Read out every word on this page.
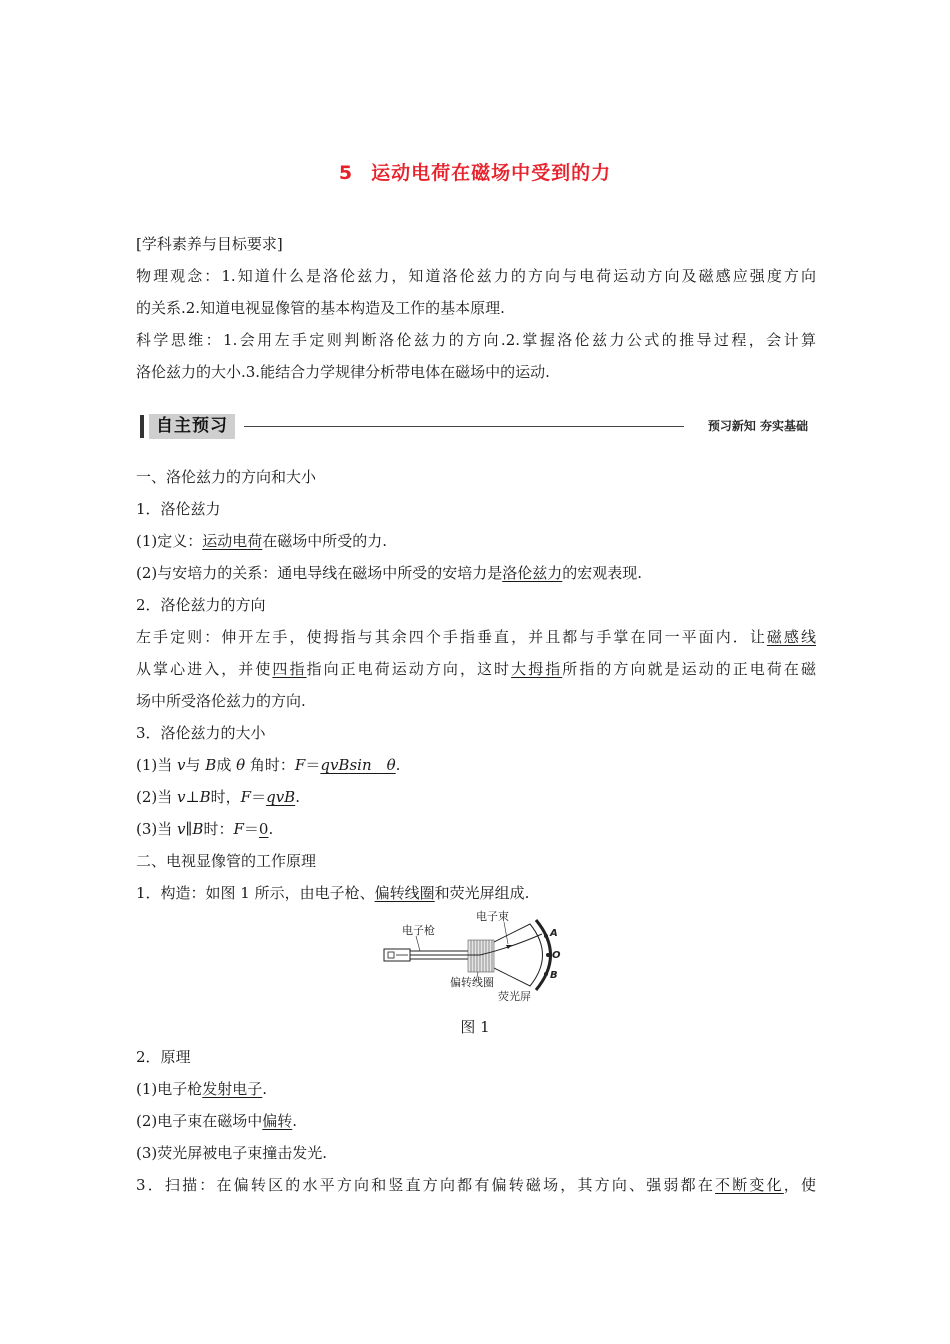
5 运动电荷在磁场中受到的力
[学科素养与目标要求]
物理观念：1.知道什么是洛伦兹力，知道洛伦兹力的方向与电荷运动方向及磁感应强度方向
的关系.2.知道电视显像管的基本构造及工作的基本原理.
科学思维：1.会用左手定则判断洛伦兹力的方向.2.掌握洛伦兹力公式的推导过程，会计算
洛伦兹力的大小.3.能结合力学规律分析带电体在磁场中的运动.
自主预习	预习新知 夯实基础
一、洛伦兹力的方向和大小
1．洛伦兹力
(1)定义：运动电荷在磁场中所受的力.
(2)与安培力的关系：通电导线在磁场中所受的安培力是洛伦兹力的宏观表现.
2．洛伦兹力的方向
左手定则：伸开左手，使拇指与其余四个手指垂直，并且都与手掌在同一平面内．让磁感线
从掌心进入，并使四指指向正电荷运动方向，这时大拇指所指的方向就是运动的正电荷在磁
场中所受洛伦兹力的方向.
3．洛伦兹力的大小
(1)当 v与 B成 θ 角时：F＝qvBsin　θ.
(2)当 v⊥B时，F＝qvB.
(3)当 v∥B时：F＝0.
二、电视显像管的工作原理
1．构造：如图 1 所示，由电子枪、偏转线圈和荧光屏组成.
电子枪
电子束
偏转线圈
荧光屏
A
O
B
图 1
2．原理
(1)电子枪发射电子.
(2)电子束在磁场中偏转.
(3)荧光屏被电子束撞击发光.
3．扫描：在偏转区的水平方向和竖直方向都有偏转磁场，其方向、强弱都在不断变化，使
